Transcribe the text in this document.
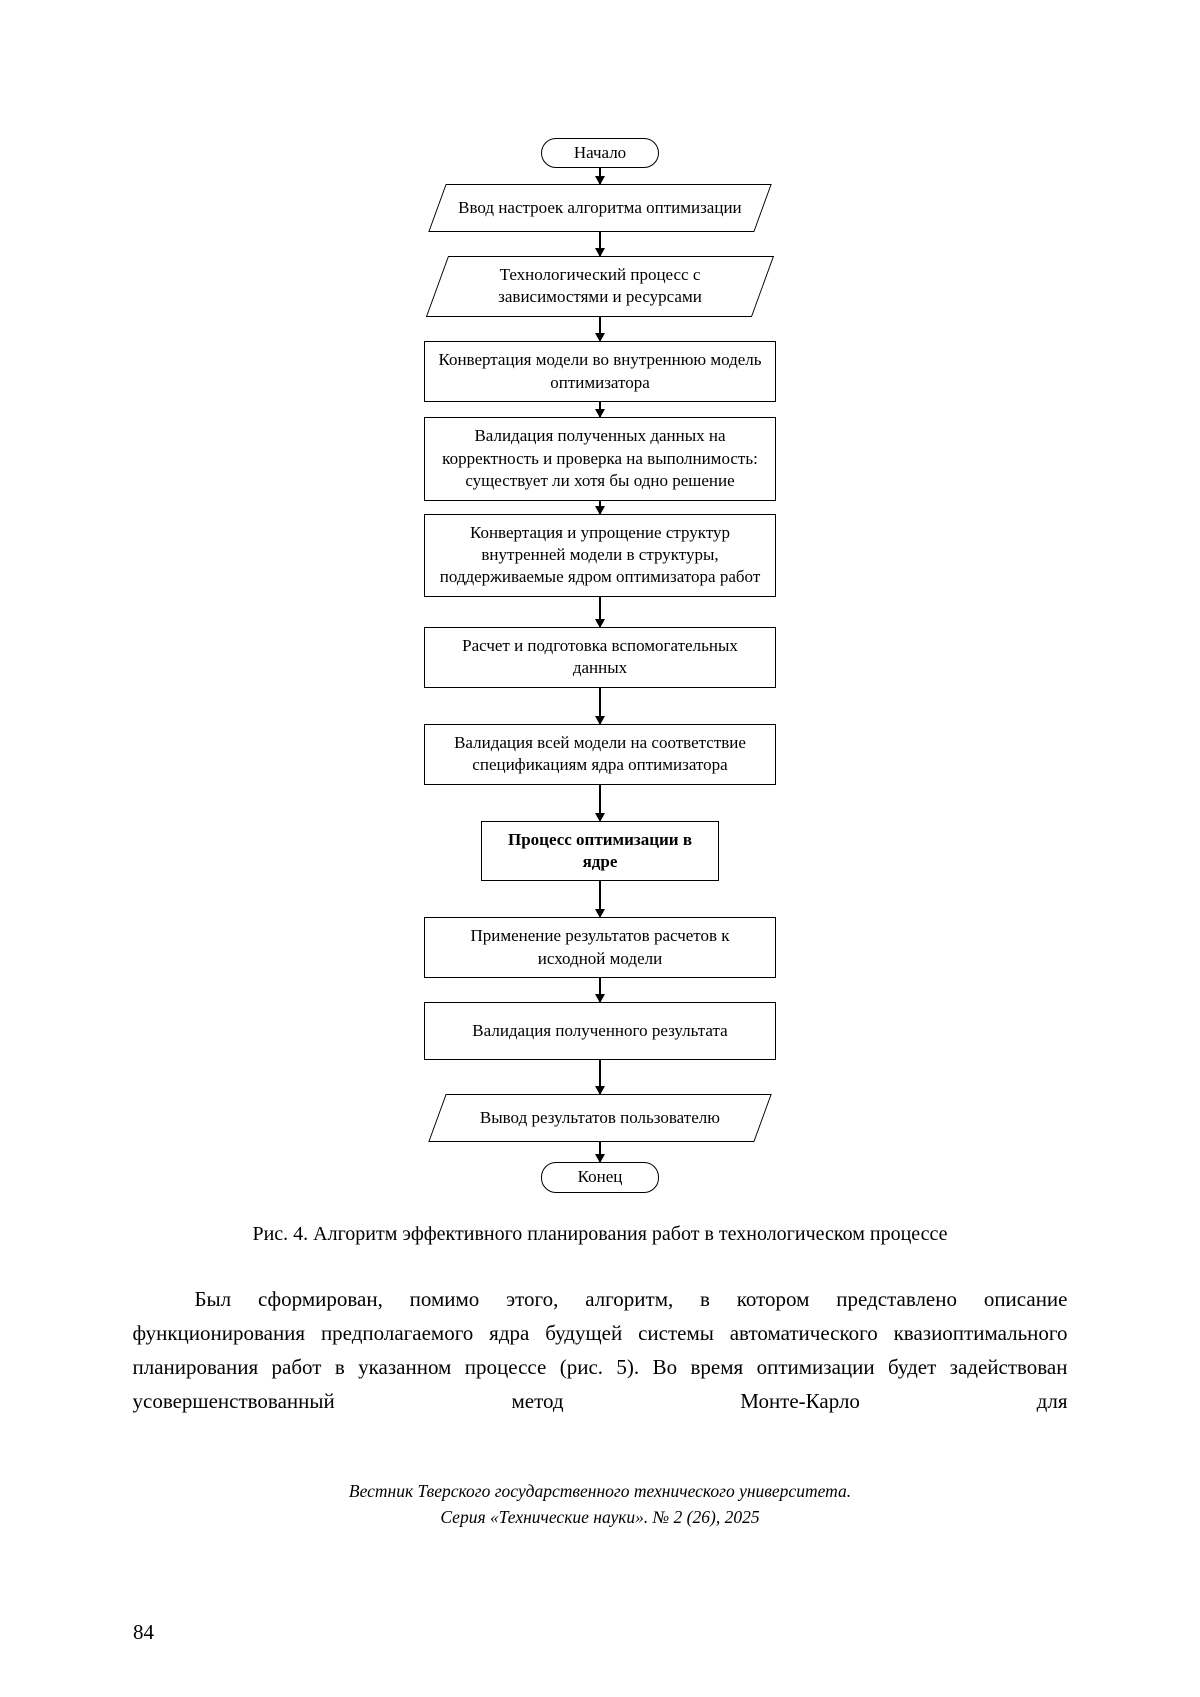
Начало
Ввод настроек алгоритма оптимизации
Технологический процесс с зависимостями и ресурсами
Конвертация модели во внутреннюю модель оптимизатора
Валидация полученных данных на корректность и проверка на выполнимость: существует ли хотя бы одно решение
Конвертация и упрощение структур внутренней модели в структуры, поддерживаемые ядром оптимизатора работ
Расчет и подготовка вспомогательных данных
Валидация всей модели на соответствие спецификациям ядра оптимизатора
Процесс оптимизации в ядре
Применение результатов расчетов к исходной модели
Валидация полученного результата
Вывод результатов пользователю
Конец
Рис. 4. Алгоритм эффективного планирования работ в технологическом процессе

Был сформирован, помимо этого, алгоритм, в котором представлено описание функционирования предполагаемого ядра будущей системы автоматического квазиоптимального планирования работ в указанном процессе (рис. 5). Во время оптимизации будет задействован усовершенствованный метод Монте-Карло для

Вестник Тверского государственного технического университета.
Серия «Технические науки». № 2 (26), 2025
84
